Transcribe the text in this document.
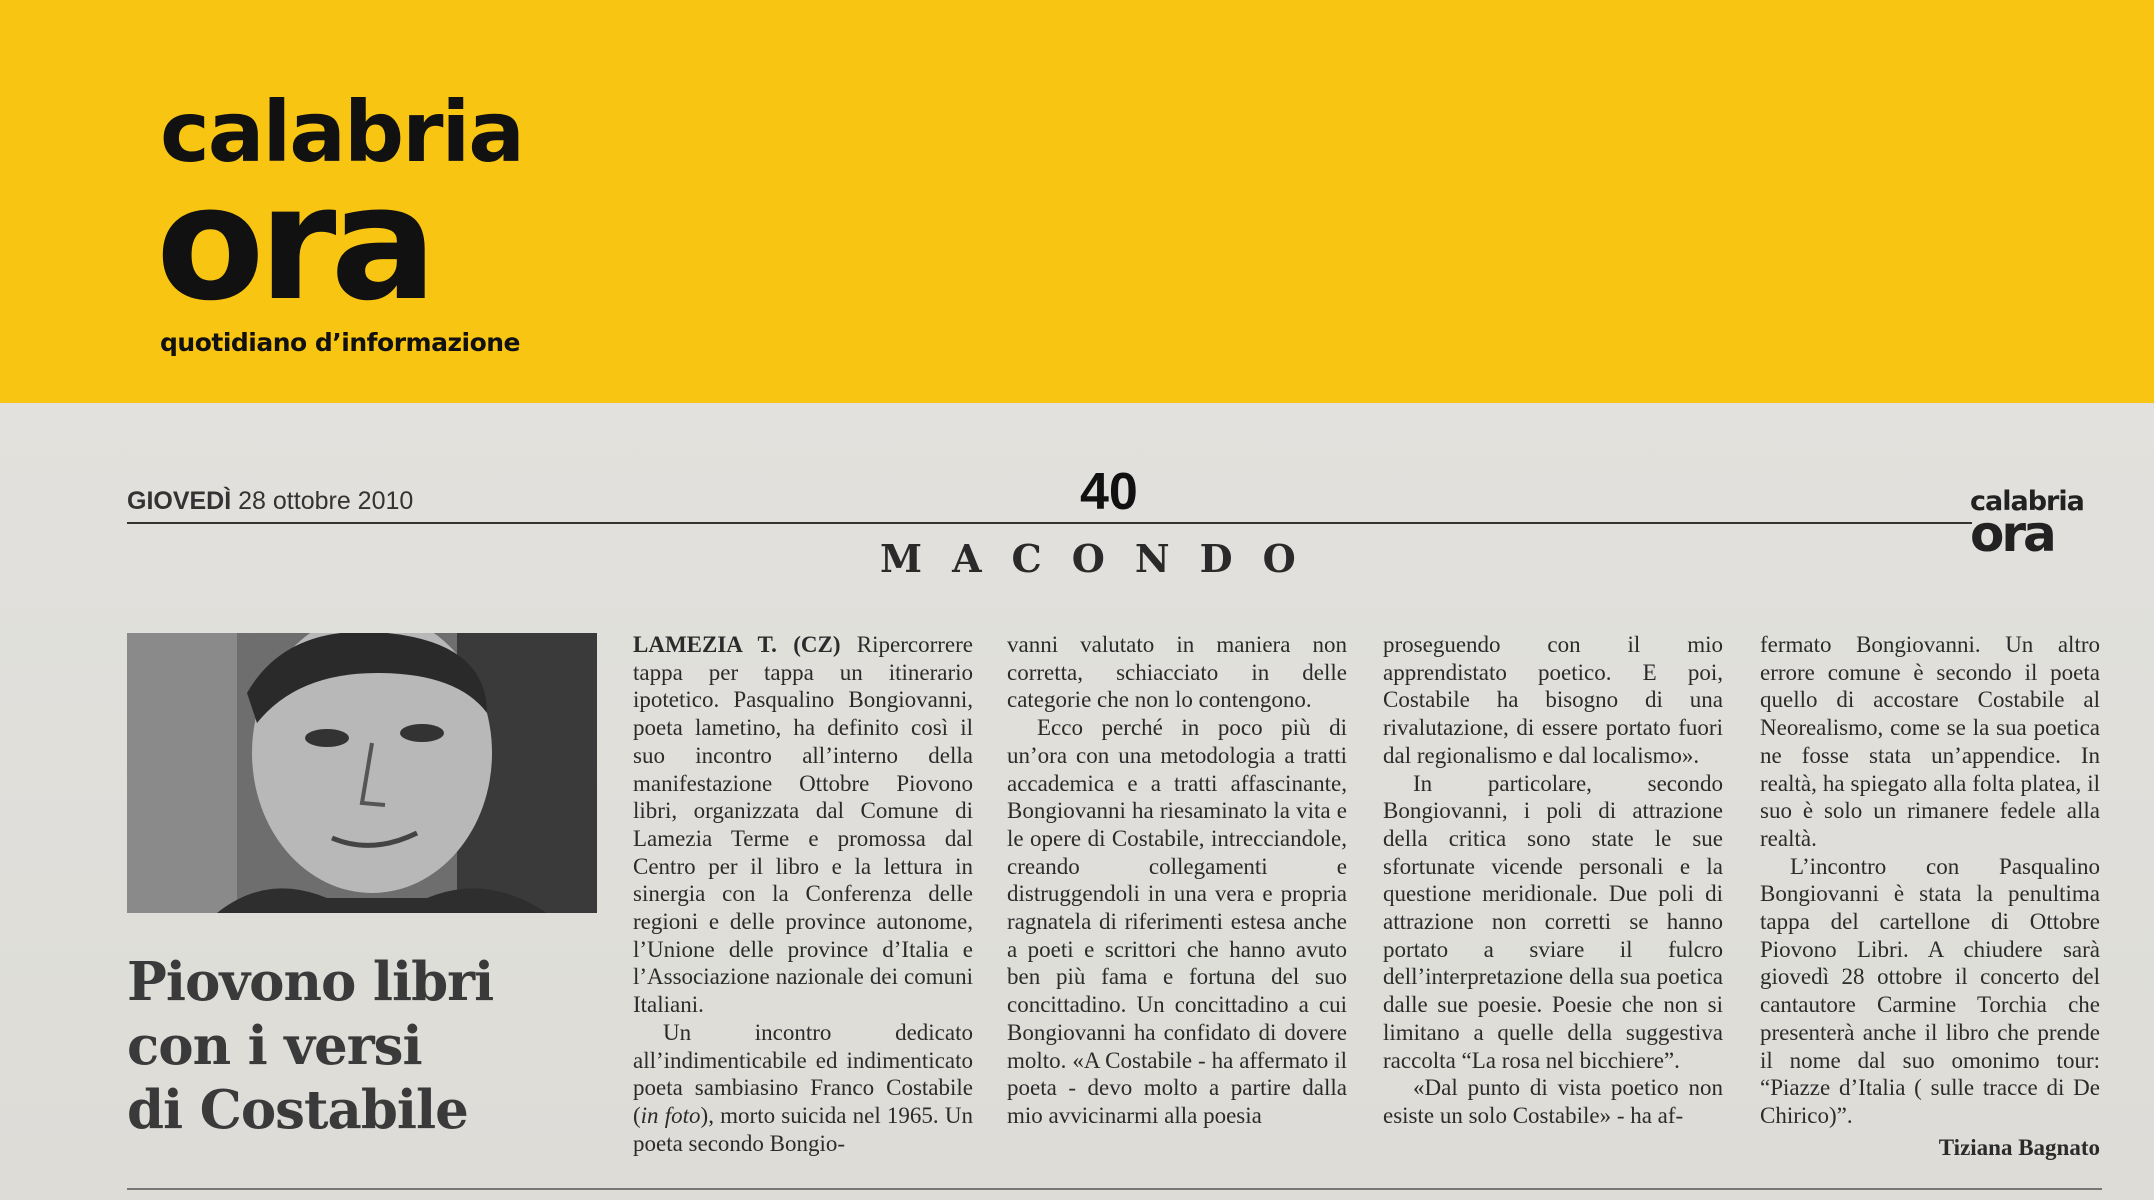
calabria
ora
quotidiano d’informazione
GIOVEDÌ 28 ottobre 2010	40	calabria
ora
MACONDO
Piovono libri
con i versi
di Costabile

LAMEZIA T. (CZ) Ripercorrere tappa per tappa un itinerario ipotetico. Pasqualino Bongiovanni, poeta lametino, ha definito così il suo incontro all’interno della manifestazione Ottobre Piovono libri, organizzata dal Comune di Lamezia Terme e promossa dal Centro per il libro e la lettura in sinergia con la Conferenza delle regioni e delle province autonome, l’Unione delle province d’Italia e l’Associazione nazionale dei comuni Italiani.

Un incontro dedicato all’indimenticabile ed indimenticato poeta sambiasino Franco Costabile (in foto), morto suicida nel 1965. Un poeta secondo Bongio-

vanni valutato in maniera non corretta, schiacciato in delle categorie che non lo contengono.

Ecco perché in poco più di un’ora con una metodologia a tratti accademica e a tratti affascinante, Bongiovanni ha riesaminato la vita e le opere di Costabile, intrecciandole, creando collegamenti e distruggendoli in una vera e propria ragnatela di riferimenti estesa anche a poeti e scrittori che hanno avuto ben più fama e fortuna del suo concittadino. Un concittadino a cui Bongiovanni ha confidato di dovere molto. «A Costabile - ha affermato il poeta - devo molto a partire dalla mio avvicinarmi alla poesia

proseguendo con il mio apprendistato poetico. E poi, Costabile ha bisogno di una rivalutazione, di essere portato fuori dal regionalismo e dal localismo».

In particolare, secondo Bongiovanni, i poli di attrazione della critica sono state le sue sfortunate vicende personali e la questione meridionale. Due poli di attrazione non corretti se hanno portato a sviare il fulcro dell’interpretazione della sua poetica dalle sue poesie. Poesie che non si limitano a quelle della suggestiva raccolta “La rosa nel bicchiere”.

«Dal punto di vista poetico non esiste un solo Costabile» - ha af-

fermato Bongiovanni. Un altro errore comune è secondo il poeta quello di accostare Costabile al Neorealismo, come se la sua poetica ne fosse stata un’appendice. In realtà, ha spiegato alla folta platea, il suo è solo un rimanere fedele alla realtà.

L’incontro con Pasqualino Bongiovanni è stata la penultima tappa del cartellone di Ottobre Piovono Libri. A chiudere sarà giovedì 28 ottobre il concerto del cantautore Carmine Torchia che presenterà anche il libro che prende il nome dal suo omonimo tour: “Piazze d’Italia ( sulle tracce di De Chirico)”.

Tiziana Bagnato
